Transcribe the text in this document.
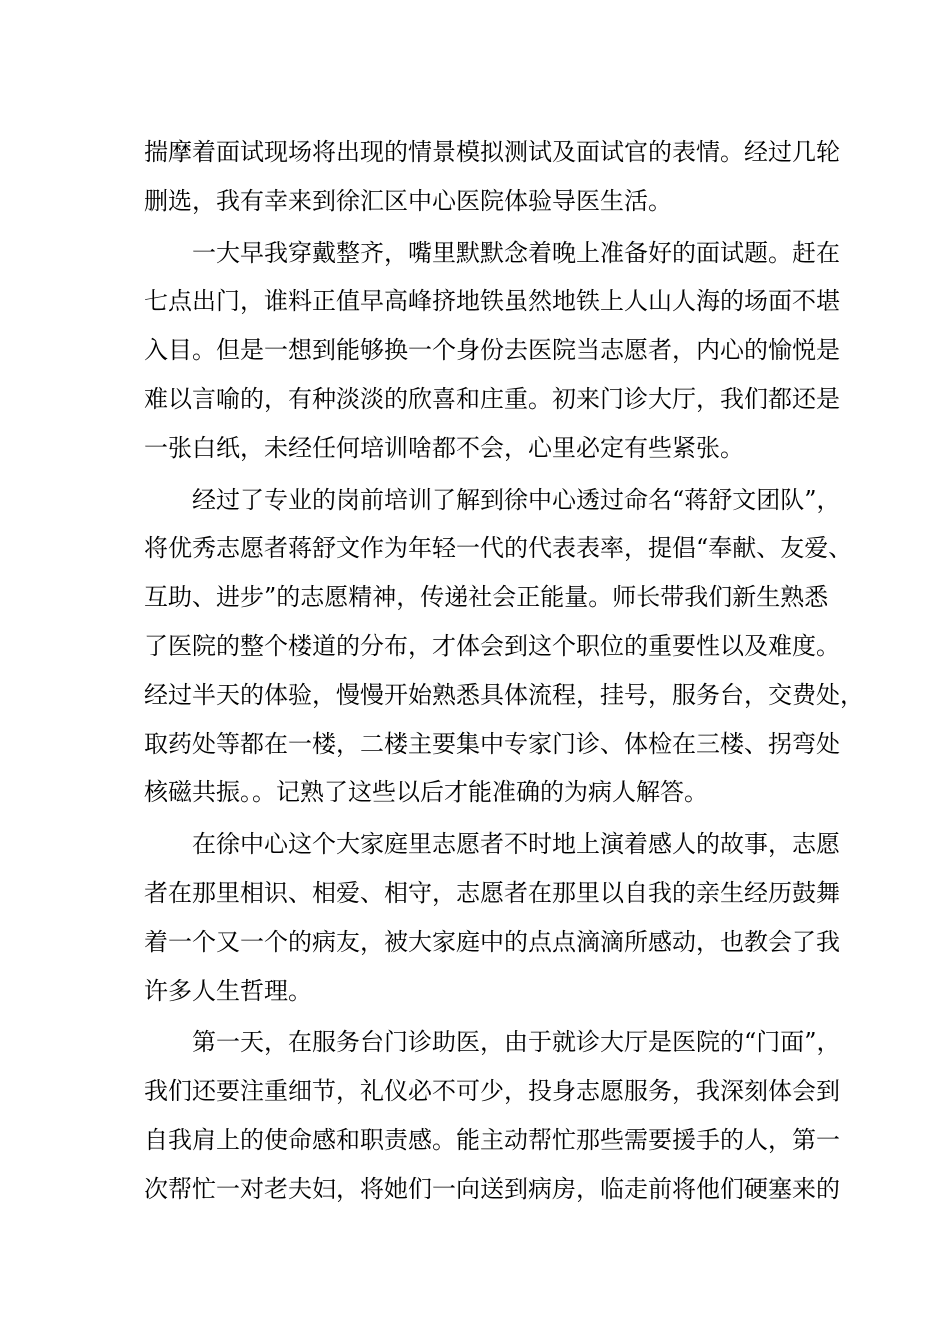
揣摩着面试现场将出现的情景模拟测试及面试官的表情。经过几轮
删选，我有幸来到徐汇区中心医院体验导医生活。
一大早我穿戴整齐，嘴里默默念着晚上准备好的面试题。赶在
七点出门，谁料正值早高峰挤地铁虽然地铁上人山人海的场面不堪
入目。但是一想到能够换一个身份去医院当志愿者，内心的愉悦是
难以言喻的，有种淡淡的欣喜和庄重。初来门诊大厅，我们都还是
一张白纸，未经任何培训啥都不会，心里必定有些紧张。
经过了专业的岗前培训了解到徐中心透过命名“蒋舒文团队”，
将优秀志愿者蒋舒文作为年轻一代的代表表率，提倡“奉献、友爱、
互助、进步”的志愿精神，传递社会正能量。师长带我们新生熟悉
了医院的整个楼道的分布，才体会到这个职位的重要性以及难度。
经过半天的体验，慢慢开始熟悉具体流程，挂号，服务台，交费处，
取药处等都在一楼，二楼主要集中专家门诊、体检在三楼、拐弯处
核磁共振。。记熟了这些以后才能准确的为病人解答。
在徐中心这个大家庭里志愿者不时地上演着感人的故事，志愿
者在那里相识、相爱、相守，志愿者在那里以自我的亲生经历鼓舞
着一个又一个的病友，被大家庭中的点点滴滴所感动，也教会了我
许多人生哲理。
第一天，在服务台门诊助医，由于就诊大厅是医院的“门面”，
我们还要注重细节，礼仪必不可少，投身志愿服务，我深刻体会到
自我肩上的使命感和职责感。能主动帮忙那些需要援手的人，第一
次帮忙一对老夫妇，将她们一向送到病房，临走前将他们硬塞来的
